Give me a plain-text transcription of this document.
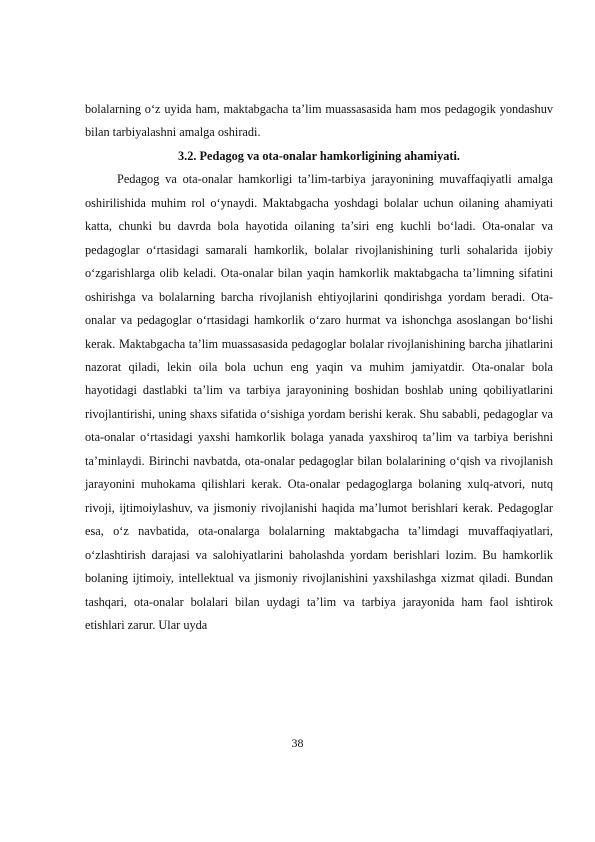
bolalarning o‘z uyida ham, maktabgacha ta’lim muassasasida ham mos pedagogik yondashuv bilan tarbiyalashni amalga oshiradi.

3.2. Pedagog va ota-onalar hamkorligining ahamiyati.

Pedagog va ota-onalar hamkorligi ta’lim-tarbiya jarayonining muvaffaqiyatli amalga oshirilishida muhim rol o‘ynaydi. Maktabgacha yoshdagi bolalar uchun oilaning ahamiyati katta, chunki bu davrda bola hayotida oilaning ta’siri eng kuchli bo‘ladi. Ota-onalar va pedagoglar o‘rtasidagi samarali hamkorlik, bolalar rivojlanishining turli sohalarida ijobiy o‘zgarishlarga olib keladi. Ota-onalar bilan yaqin hamkorlik maktabgacha ta’limning sifatini oshirishga va bolalarning barcha rivojlanish ehtiyojlarini qondirishga yordam beradi. Ota-onalar va pedagoglar o‘rtasidagi hamkorlik o‘zaro hurmat va ishonchga asoslangan bo‘lishi kerak. Maktabgacha ta’lim muassasasida pedagoglar bolalar rivojlanishining barcha jihatlarini nazorat qiladi, lekin oila bola uchun eng yaqin va muhim jamiyatdir. Ota-onalar bola hayotidagi dastlabki ta’lim va tarbiya jarayonining boshidan boshlab uning qobiliyatlarini rivojlantirishi, uning shaxs sifatida o‘sishiga yordam berishi kerak. Shu sababli, pedagoglar va ota-onalar o‘rtasidagi yaxshi hamkorlik bolaga yanada yaxshiroq ta’lim va tarbiya berishni ta’minlaydi. Birinchi navbatda, ota-onalar pedagoglar bilan bolalarining o‘qish va rivojlanish jarayonini muhokama qilishlari kerak. Ota-onalar pedagoglarga bolaning xulq-atvori, nutq rivoji, ijtimoiylashuv, va jismoniy rivojlanishi haqida ma’lumot berishlari kerak. Pedagoglar esa, o‘z navbatida, ota-onalarga bolalarning maktabgacha ta’limdagi muvaffaqiyatlari, o‘zlashtirish darajasi va salohiyatlarini baholashda yordam berishlari lozim. Bu hamkorlik bolaning ijtimoiy, intellektual va jismoniy rivojlanishini yaxshilashga xizmat qiladi. Bundan tashqari, ota-onalar bolalari bilan uydagi ta’lim va tarbiya jarayonida ham faol ishtirok etishlari zarur. Ular uyda

38
